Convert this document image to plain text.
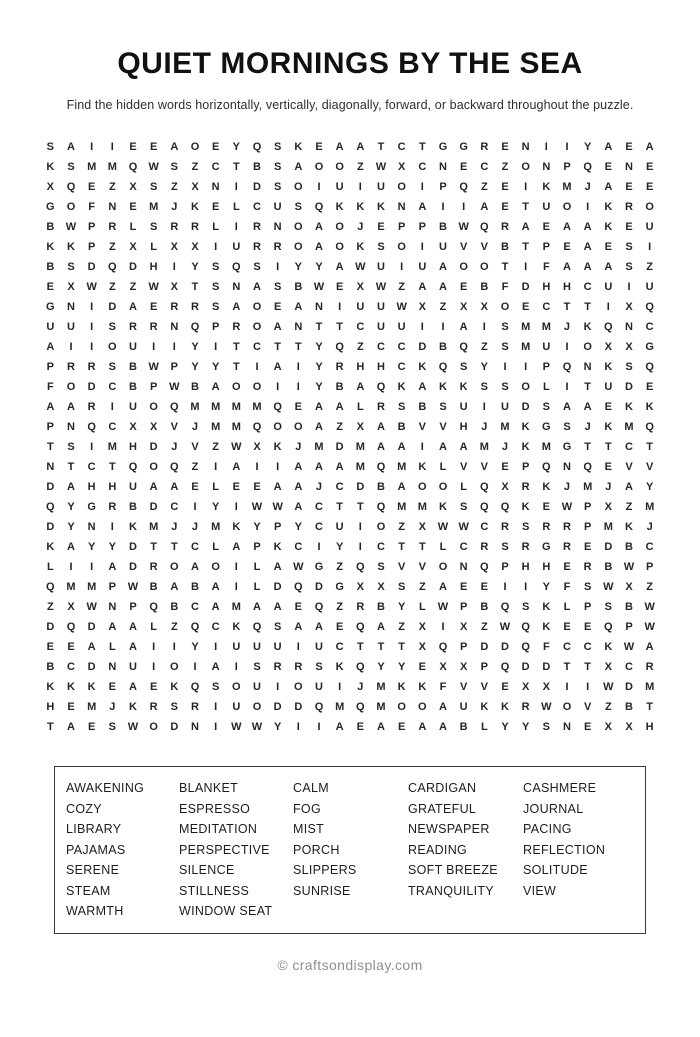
QUIET MORNINGS BY THE SEA

Find the hidden words horizontally, vertically, diagonally, forward, or backward throughout the puzzle.

S	A	I	I	E	E	A	O	E	Y	Q	S	K	E	A	A	T	C	T	G	G	R	E	N	I	I	Y	A	E	A
K	S	M	M	Q	W	S	Z	C	T	B	S	A	O	O	Z	W	X	C	N	E	C	Z	O	N	P	Q	E	N	E
X	Q	E	Z	X	S	Z	X	N	I	D	S	O	I	U	I	U	O	I	P	Q	Z	E	I	K	M	J	A	E	E
G	O	F	N	E	M	J	K	E	L	C	U	S	Q	K	K	K	N	A	I	I	A	E	T	U	O	I	K	R	O
B	W	P	R	L	S	R	R	L	I	R	N	O	A	O	J	E	P	P	B	W	Q	R	A	E	A	A	K	E	U
K	K	P	Z	X	L	X	X	I	U	R	R	O	A	O	K	S	O	I	U	V	V	B	T	P	E	A	E	S	I
B	S	D	Q	D	H	I	Y	S	Q	S	I	Y	Y	A	W	U	I	U	A	O	O	T	I	F	A	A	A	S	Z
E	X	W	Z	Z	W	X	T	S	N	A	S	B	W	E	X	W	Z	A	A	E	B	F	D	H	H	C	U	I	U
G	N	I	D	A	E	R	R	S	A	O	E	A	N	I	U	U	W	X	Z	X	X	O	E	C	T	T	I	X	Q
U	U	I	S	R	R	N	Q	P	R	O	A	N	T	T	C	U	U	I	I	A	I	S	M	M	J	K	Q	N	C
A	I	I	O	U	I	I	Y	I	T	C	T	T	Y	Q	Z	C	C	D	B	Q	Z	S	M	U	I	O	X	X	G
P	R	R	S	B	W	P	Y	Y	T	I	A	I	Y	R	H	H	C	K	Q	S	Y	I	I	P	Q	N	K	S	Q
F	O	D	C	B	P	W	B	A	O	O	I	I	Y	B	A	Q	K	A	K	K	S	S	O	L	I	T	U	D	E
A	A	R	I	U	O	Q	M	M	M	M	Q	E	A	A	L	R	S	B	S	U	I	U	D	S	A	A	E	K	K
P	N	Q	C	X	X	V	J	M	M	Q	O	O	A	Z	X	A	B	V	V	H	J	M	K	G	S	J	K	M	Q
T	S	I	M	H	D	J	V	Z	W	X	K	J	M	D	M	A	A	I	A	A	M	J	K	M	G	T	T	C	T
N	T	C	T	Q	O	Q	Z	I	A	I	I	A	A	A	M	Q	M	K	L	V	V	E	P	Q	N	Q	E	V	V
D	A	H	H	U	A	A	E	L	E	E	A	A	J	C	D	B	A	O	O	L	Q	X	R	K	J	M	J	A	Y
Q	Y	G	R	B	D	C	I	Y	I	W W	A	C	T	T	Q	M	M	K	S	Q	Q	K	E	W	P	X	Z	M
D	Y	N	I	K	M	J	J	M	K	Y	P	Y	C	U	I	O	Z	X	W W	C	R	S	R	R	P	M	K	J
K	A	Y	Y	D	T	T	C	L	A	P	K	C	I	Y	I	C	T	T	L	C	R	S	R	G	R	E	D	B	C
L	I	I	A	D	R	O	A	O	I	L	A	W	G	Z	Q	S	V	V	O	N	Q	P	H	H	E	R	B	W	P
Q	M	M	P	W	B	A	B	A	I	L	D	Q	D	G	X	X	S	Z	A	E	E	I	I	Y	F	S	W	X	Z
Z	X	W	N	P	Q	B	C	A	M	A	A	E	Q	Z	R	B	Y	L	W	P	B	Q	S	K	L	P	S	B	W
D	Q	D	A	A	L	Z	Q	C	K	Q	S	A	A	E	Q	A	Z	X	I	X	Z	W	Q	K	E	E	Q	P	W
E	E	A	L	A	I	I	Y	I	U	U	U	I	U	C	T	T	T	X	Q	P	D	D	Q	F	C	C	K	W	A
B	C	D	N	U	I	O	I	A	I	S	R	R	S	K	Q	Y	Y	E	X	X	P	Q	D	D	T	T	X	C	R
K	K	K	E	A	E	K	Q	S	O	U	I	O	U	I	J	M	K	K	F	V	V	E	X	X	I	I	W	D	M
H	E	M	J	K	R	S	R	I	U	O	D	D	Q	M	Q	M	O	O	A	U	K	K	R	W	O	V	Z	B	T
T	A	E	S	W	O	D	N	I	W W	Y	I	I	A	E	A	E	A	A	B	L	Y	Y	S	N	E	X	X	H
AWAKENING
COZY
LIBRARY
PAJAMAS
SERENE
STEAM
WARMTH
BLANKET
ESPRESSO
MEDITATION
PERSPECTIVE
SILENCE
STILLNESS
WINDOW SEAT
CALM
FOG
MIST
PORCH
SLIPPERS
SUNRISE
CARDIGAN
GRATEFUL
NEWSPAPER
READING
SOFT BREEZE
TRANQUILITY
CASHMERE
JOURNAL
PACING
REFLECTION
SOLITUDE
VIEW

© craftsondisplay.com
